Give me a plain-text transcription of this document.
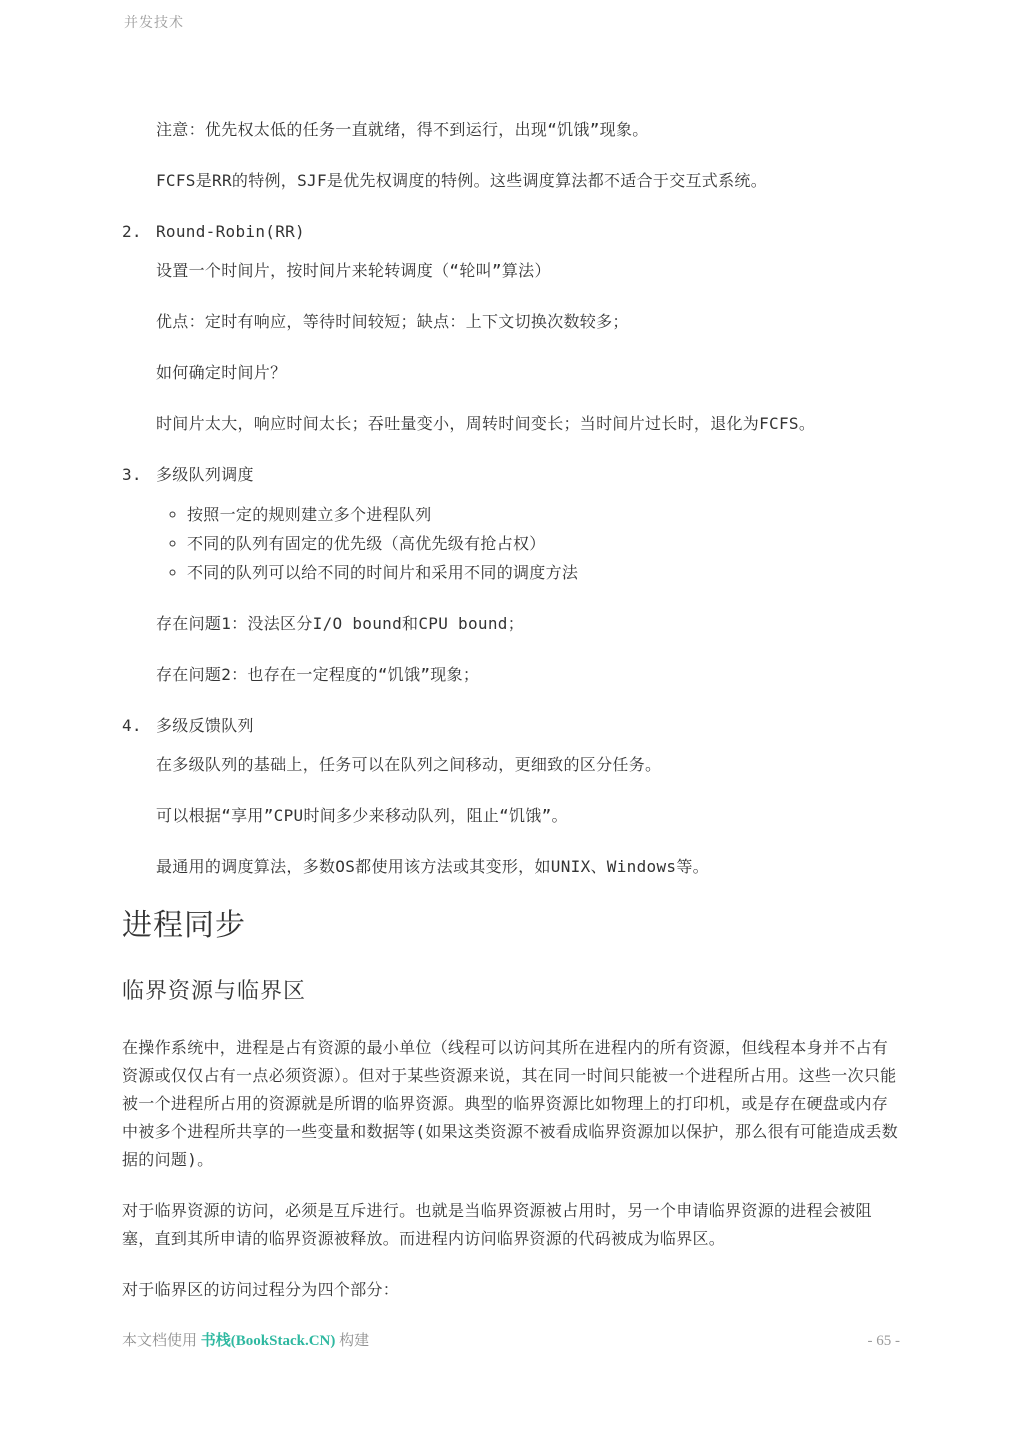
并发技术

注意：优先权太低的任务一直就绪，得不到运行，出现“饥饿”现象。

FCFS是RR的特例，SJF是优先权调度的特例。这些调度算法都不适合于交互式系统。

2. Round-Robin(RR)

设置一个时间片，按时间片来轮转调度（“轮叫”算法）

优点：定时有响应，等待时间较短；缺点：上下文切换次数较多；

如何确定时间片？

时间片太大，响应时间太长；吞吐量变小，周转时间变长；当时间片过长时，退化为FCFS。

3. 多级队列调度
◦ 按照一定的规则建立多个进程队列
◦ 不同的队列有固定的优先级（高优先级有抢占权）
◦ 不同的队列可以给不同的时间片和采用不同的调度方法

存在问题1：没法区分I/O bound和CPU bound；

存在问题2：也存在一定程度的“饥饿”现象；

4. 多级反馈队列

在多级队列的基础上，任务可以在队列之间移动，更细致的区分任务。

可以根据“享用”CPU时间多少来移动队列，阻止“饥饿”。

最通用的调度算法，多数OS都使用该方法或其变形，如UNIX、Windows等。

进程同步
临界资源与临界区

在操作系统中，进程是占有资源的最小单位（线程可以访问其所在进程内的所有资源，但线程本身并不占有资源或仅仅占有一点必须资源）。但对于某些资源来说，其在同一时间只能被一个进程所占用。这些一次只能被一个进程所占用的资源就是所谓的临界资源。典型的临界资源比如物理上的打印机，或是存在硬盘或内存中被多个进程所共享的一些变量和数据等(如果这类资源不被看成临界资源加以保护，那么很有可能造成丢数据的问题)。

对于临界资源的访问，必须是互斥进行。也就是当临界资源被占用时，另一个申请临界资源的进程会被阻塞，直到其所申请的临界资源被释放。而进程内访问临界资源的代码被成为临界区。

对于临界区的访问过程分为四个部分：

本文档使用 书栈(BookStack.CN) 构建	- 65 -
